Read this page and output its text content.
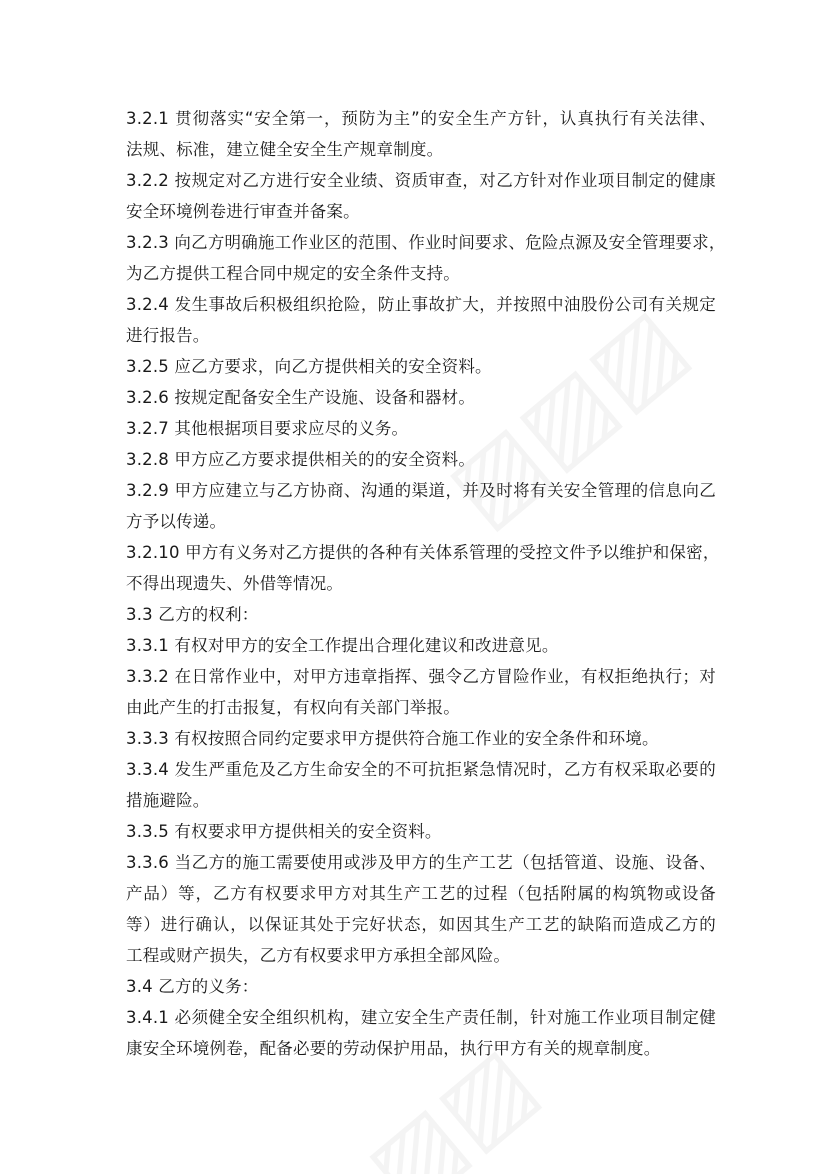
3.2.1 贯彻落实“安全第一，预防为主”的安全生产方针，认真执行有关法律、
法规、标准，建立健全安全生产规章制度。
3.2.2 按规定对乙方进行安全业绩、资质审查，对乙方针对作业项目制定的健康
安全环境例卷进行审查并备案。
3.2.3 向乙方明确施工作业区的范围、作业时间要求、危险点源及安全管理要求，
为乙方提供工程合同中规定的安全条件支持。
3.2.4 发生事故后积极组织抢险，防止事故扩大，并按照中油股份公司有关规定
进行报告。
3.2.5 应乙方要求，向乙方提供相关的安全资料。
3.2.6 按规定配备安全生产设施、设备和器材。
3.2.7 其他根据项目要求应尽的义务。
3.2.8 甲方应乙方要求提供相关的的安全资料。
3.2.9 甲方应建立与乙方协商、沟通的渠道，并及时将有关安全管理的信息向乙
方予以传递。
3.2.10 甲方有义务对乙方提供的各种有关体系管理的受控文件予以维护和保密，
不得出现遗失、外借等情况。
3.3 乙方的权利：
3.3.1 有权对甲方的安全工作提出合理化建议和改进意见。
3.3.2 在日常作业中，对甲方违章指挥、强令乙方冒险作业，有权拒绝执行；对
由此产生的打击报复，有权向有关部门举报。
3.3.3 有权按照合同约定要求甲方提供符合施工作业的安全条件和环境。
3.3.4 发生严重危及乙方生命安全的不可抗拒紧急情况时，乙方有权采取必要的
措施避险。
3.3.5 有权要求甲方提供相关的安全资料。
3.3.6 当乙方的施工需要使用或涉及甲方的生产工艺（包括管道、设施、设备、
产品）等，乙方有权要求甲方对其生产工艺的过程（包括附属的构筑物或设备
等）进行确认，以保证其处于完好状态，如因其生产工艺的缺陷而造成乙方的
工程或财产损失，乙方有权要求甲方承担全部风险。
3.4 乙方的义务：
3.4.1 必须健全安全组织机构，建立安全生产责任制，针对施工作业项目制定健
康安全环境例卷，配备必要的劳动保护用品，执行甲方有关的规章制度。
